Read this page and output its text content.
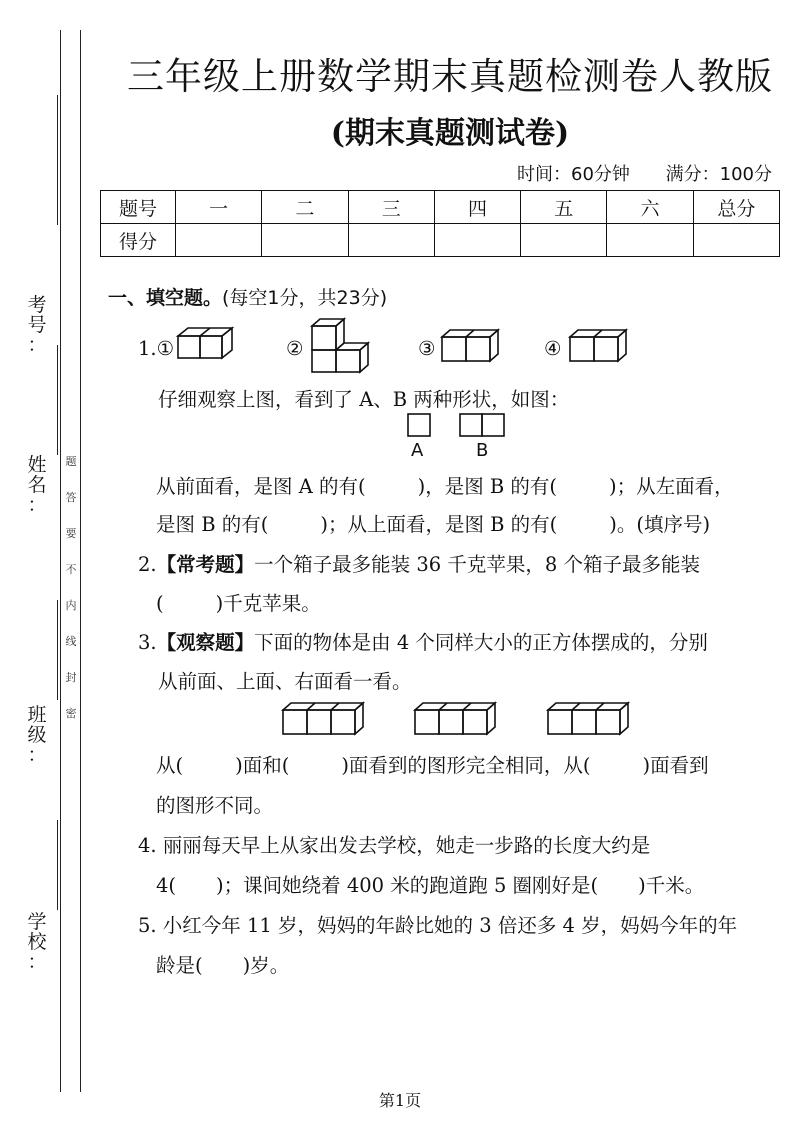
题
答
要
不
内
线
封
密
考
号
：
姓
名
：
班
级
：
学
校
：
三年级上册数学期末真题检测卷人教版
(期末真题测试卷)
时间：60分钟 满分：100分
题号	一	二	三	四	五	六	总分
得分							

一、填空题。(每空1分，共23分)

1.①	②	③	④
仔细观察上图，看到了 A、B 两种形状，如图：
A	B
从前面看，是图 A 的有(	)，是图 B 的有(	)；从左面看，
是图 B 的有(	)；从上面看，是图 B 的有(	)。(填序号)
2.【常考题】一个箱子最多能装 36 千克苹果，8 个箱子最多能装
(	)千克苹果。
3.【观察题】下面的物体是由 4 个同样大小的正方体摆成的，分别
从前面、上面、右面看一看。
从(	)面和(	)面看到的图形完全相同，从(	)面看到
的图形不同。
4. 丽丽每天早上从家出发去学校，她走一步路的长度大约是
4( )；课间她绕着 400 米的跑道跑 5 圈刚好是( )千米。
5. 小红今年 11 岁，妈妈的年龄比她的 3 倍还多 4 岁，妈妈今年的年
龄是( )岁。
第1页
